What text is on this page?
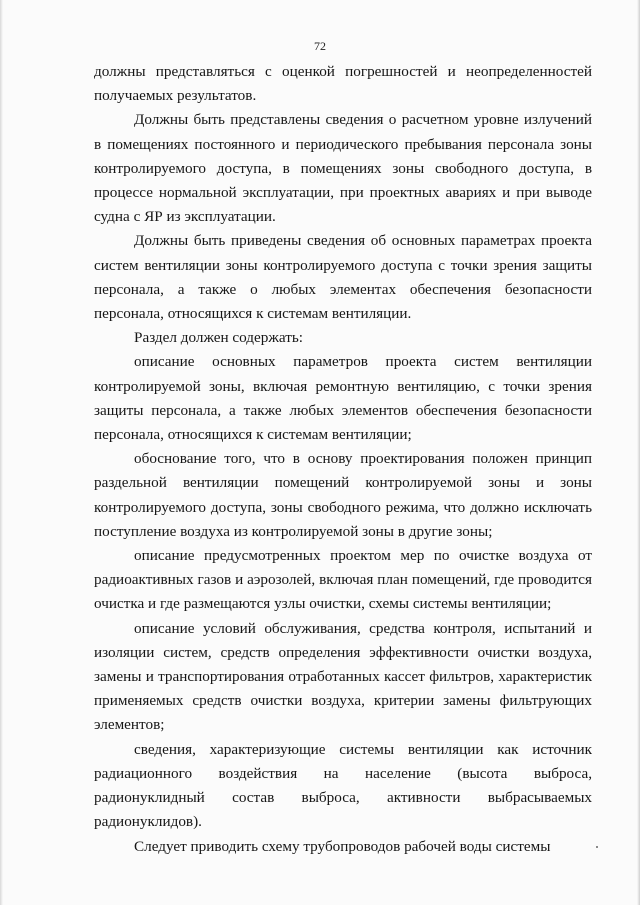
72

должны представляться с оценкой погрешностей и неопределенностей получаемых результатов.

Должны быть представлены сведения о расчетном уровне излучений в помещениях постоянного и периодического пребывания персонала зоны контролируемого доступа, в помещениях зоны свободного доступа, в процессе нормальной эксплуатации, при проектных авариях и при выводе судна с ЯР из эксплуатации.

Должны быть приведены сведения об основных параметрах проекта систем вентиляции зоны контролируемого доступа с точки зрения защиты персонала, а также о любых элементах обеспечения безопасности персонала, относящихся к системам вентиляции.

Раздел должен содержать:

описание основных параметров проекта систем вентиляции контролируемой зоны, включая ремонтную вентиляцию, с точки зрения защиты персонала, а также любых элементов обеспечения безопасности персонала, относящихся к системам вентиляции;

обоснование того, что в основу проектирования положен принцип раздельной вентиляции помещений контролируемой зоны и зоны контролируемого доступа, зоны свободного режима, что должно исключать поступление воздуха из контролируемой зоны в другие зоны;

описание предусмотренных проектом мер по очистке воздуха от радиоактивных газов и аэрозолей, включая план помещений, где проводится очистка и где размещаются узлы очистки, схемы системы вентиляции;

описание условий обслуживания, средства контроля, испытаний и изоляции систем, средств определения эффективности очистки воздуха, замены и транспортирования отработанных кассет фильтров, характеристик применяемых средств очистки воздуха, критерии замены фильтрующих элементов;

сведения, характеризующие системы вентиляции как источник радиационного воздействия на население (высота выброса, радионуклидный состав выброса, активности выбрасываемых радионуклидов).

Следует приводить схему трубопроводов рабочей воды системы
